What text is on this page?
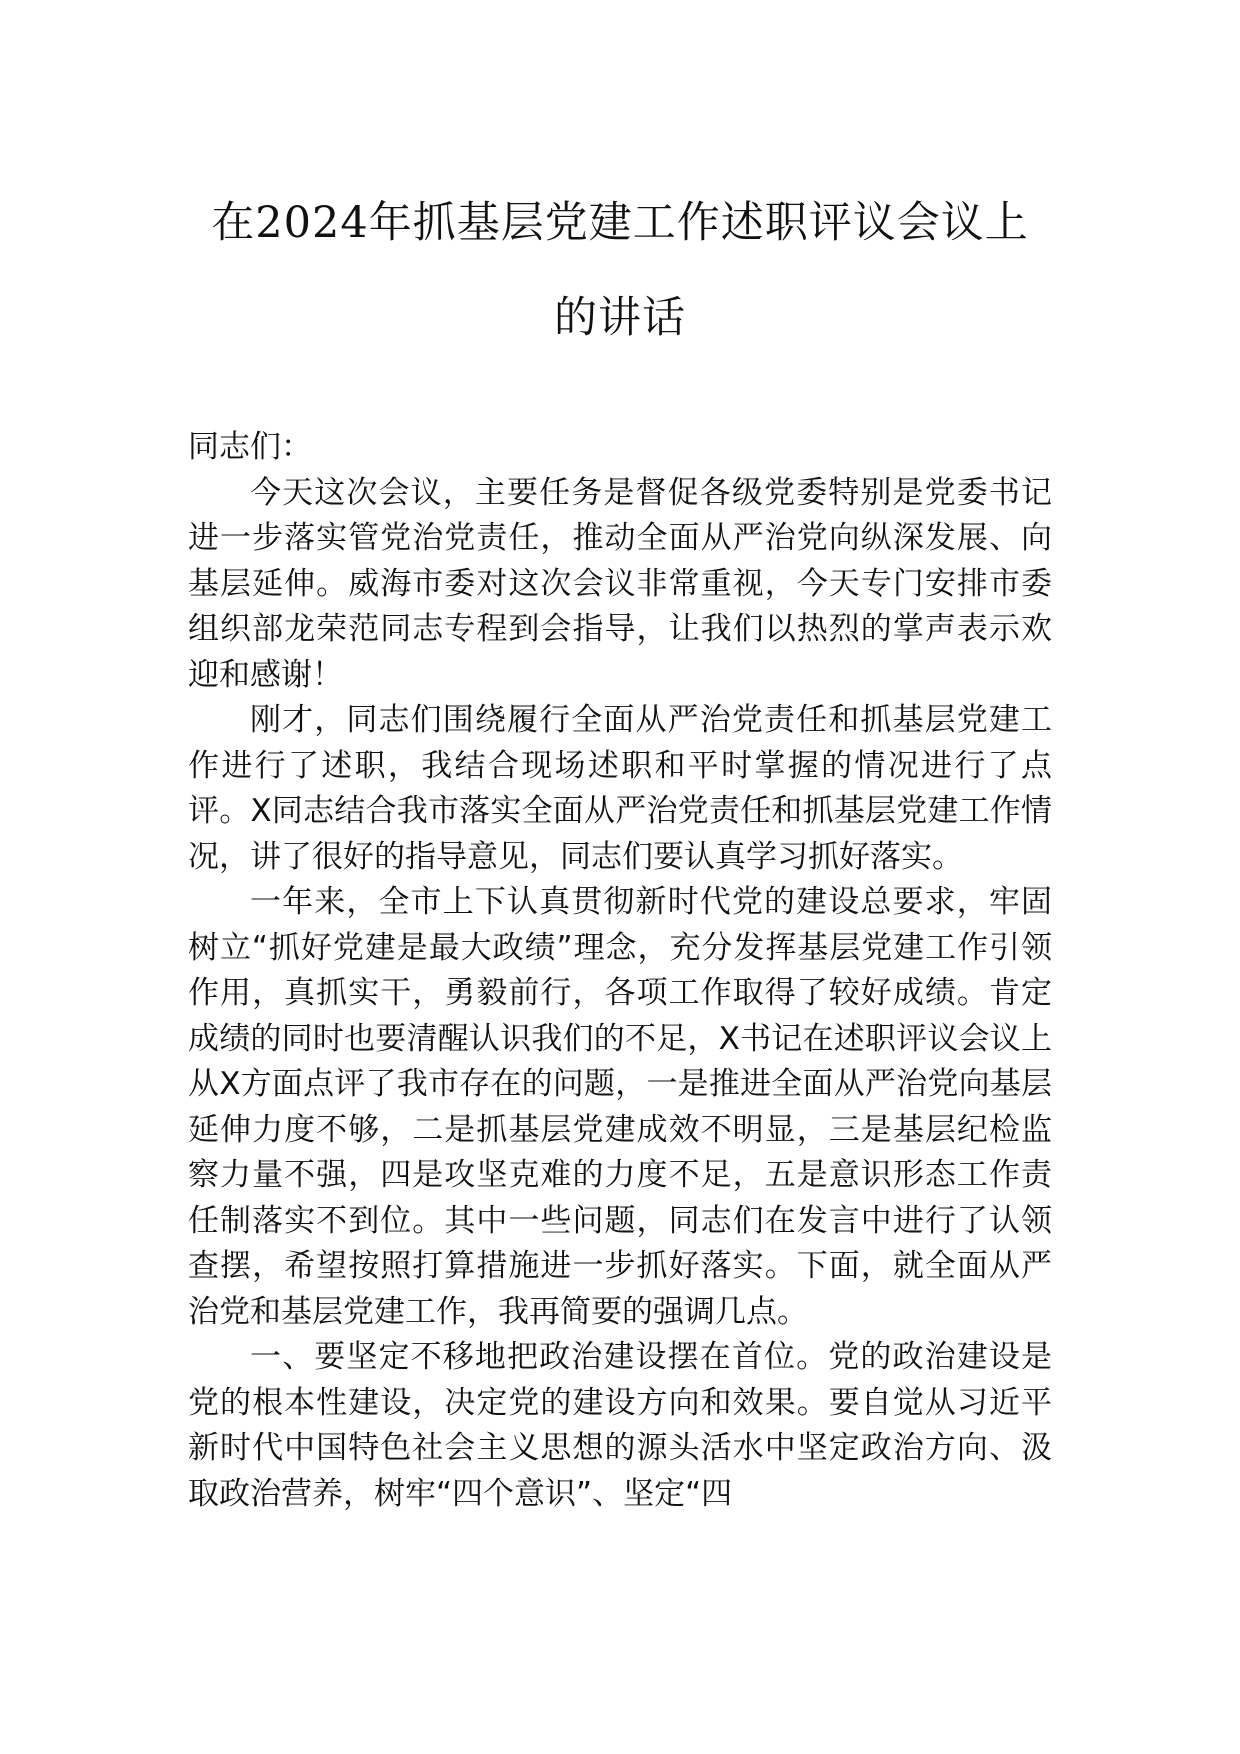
在2024年抓基层党建工作述职评议会议上
的讲话

同志们：

今天这次会议，主要任务是督促各级党委特别是党委书记进一步落实管党治党责任，推动全面从严治党向纵深发展、向基层延伸。威海市委对这次会议非常重视，今天专门安排市委组织部龙荣范同志专程到会指导，让我们以热烈的掌声表示欢迎和感谢！

刚才，同志们围绕履行全面从严治党责任和抓基层党建工作进行了述职，我结合现场述职和平时掌握的情况进行了点评。X同志结合我市落实全面从严治党责任和抓基层党建工作情况，讲了很好的指导意见，同志们要认真学习抓好落实。

一年来，全市上下认真贯彻新时代党的建设总要求，牢固树立“抓好党建是最大政绩”理念，充分发挥基层党建工作引领作用，真抓实干，勇毅前行，各项工作取得了较好成绩。肯定成绩的同时也要清醒认识我们的不足，X书记在述职评议会议上从X方面点评了我市存在的问题，一是推进全面从严治党向基层延伸力度不够，二是抓基层党建成效不明显，三是基层纪检监察力量不强，四是攻坚克难的力度不足，五是意识形态工作责任制落实不到位。其中一些问题，同志们在发言中进行了认领查摆，希望按照打算措施进一步抓好落实。下面，就全面从严治党和基层党建工作，我再简要的强调几点。

一、要坚定不移地把政治建设摆在首位。党的政治建设是党的根本性建设，决定党的建设方向和效果。要自觉从习近平新时代中国特色社会主义思想的源头活水中坚定政治方向、汲取政治营养，树牢“四个意识”、坚定“四
